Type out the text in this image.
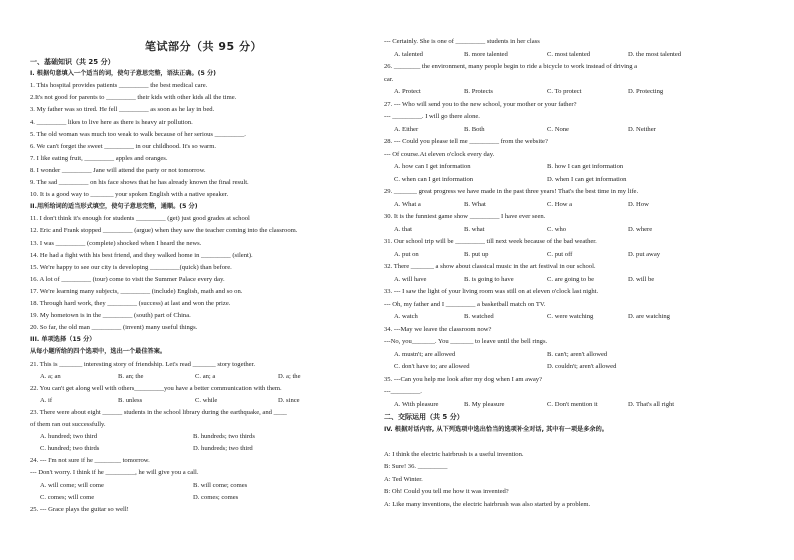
笔试部分（共 95 分）
一、基础知识（共 25 分）
I. 根据句意填入一个适当的词，使句子意思完整，语法正确。(5 分)
1. This hospital provides patients _________ the best medical care.
2.It's not good for parents to _________ their kids with other kids all the time.
3. My father was so tired. He fell _________ as soon as he lay in bed.
4. _________ likes to live here as there is heavy air pollution.
5. The old woman was much too weak to walk because of her serious _________.
6. We can't forget the sweet _________ in our childhood. It's so warm.
7. I like eating fruit, _________ apples and oranges.
8. I wonder _________ Jane will attend the party or not tomorrow.
9. The sad _________ on his face shows that he has already known the final result.
10. It is a good way to _______ your spoken English with a native speaker.
II.用所给词的适当形式填空，使句子意思完整，通顺。(5 分)
11. I don't think it's enough for students _________ (get) just good grades at school
12. Eric and Frank stopped _________ (argue) when they saw the teacher coming into the classroom.
13. I was _________ (complete) shocked when I heard the news.
14. He had a fight with his best friend, and they walked home in _________ (silent).
15. We're happy to see our city is developing _________(quick) than before.
16. A lot of _________ (tour) come to visit the Summer Palace every day.
17. We're learning many subjects, _________ (include) English, math and so on.
18. Through hard work, they _________ (success) at last and won the prize.
19. My hometown is in the _________ (south) part of China.
20. So far, the old man _________ (invent) many useful things.
III. 单项选择（15 分）
从每小题所给的四个选项中，选出一个最佳答案。
21. This is _______ interesting story of friendship. Let's read _______ story together.
A. a; an	B. an; the	C. an; a	D. a; the
22. You can't get along well with others_________you have a better communication with them.
A. if	B. unless	C. while	D. since
23. There were about eight ______ students in the school library during the earthquake, and ____
of them ran out successfully.
A. hundred; two third	B. hundreds; two thirds
C. hundred; two thirds	D. hundreds; two third
24. --- I'm not sure if he ________ tomorrow.
--- Don't worry. I think if he _________, he will give you a call.
A. will come; will come	B. will come; comes
C. comes; will come	D. comes; comes
25. --- Grace plays the guitar so well!
--- Certainly. She is one of _________ students in her class
A. talented	B. more talented	C. most talented	D. the most talented
26. ________ the environment, many people begin to ride a bicycle to work instead of driving a
car.
A. Protect	B. Protects	C. To protect	D. Protecting
27. --- Who will send you to the new school, your mother or your father?
--- _________. I will go there alone.
A. Either	B. Both	C. None	D. Neither
28. --- Could you please tell me _________ from the website?
--- Of course.At eleven o'clock every day.
A. how can I get information	B. how I can get information
C. when can I get information	D. when I can get information
29. _______ great progress we have made in the past three years! That's the best time in my life.
A. What a	B. What	C. How a	D. How
30. It is the funniest game show _________ I have ever seen.
A. that	B. what	C. who	D. where
31. Our school trip will be _________ till next week because of the bad weather.
A. put on	B. put up	C. put off	D. put away
32. There _______ a show about classical music in the art festival in our school.
A. will have	B. is going to have	C. are going to be	D. will be
33. --- I saw the light of your living room was still on at eleven o'clock last night.
--- Oh, my father and I _________ a basketball match on TV.
A. watch	B. watched	C. were watching	D. are watching
34. ---May we leave the classroom now?
---No, you_______. You _______ to leave until the bell rings.
A. mustn't; are allowed	B. can't; aren't allowed
C. don't have to; are allowed	D. couldn't; aren't allowed
35. ---Can you help me look after my dog when I am away?
---_________.
A. With pleasure	B. My pleasure	C. Don't mention it	D. That's all right
二、交际运用（共 5 分）
IV. 根据对话内容, 从下列选项中选出恰当的选项补全对话, 其中有一项是多余的。
A: I think the electric hairbrush is a useful invention.
B: Sure! 36. _________
A: Ted Winter.
B: Oh! Could you tell me how it was invented?
A: Like many inventions, the electric hairbrush was also started by a problem.
